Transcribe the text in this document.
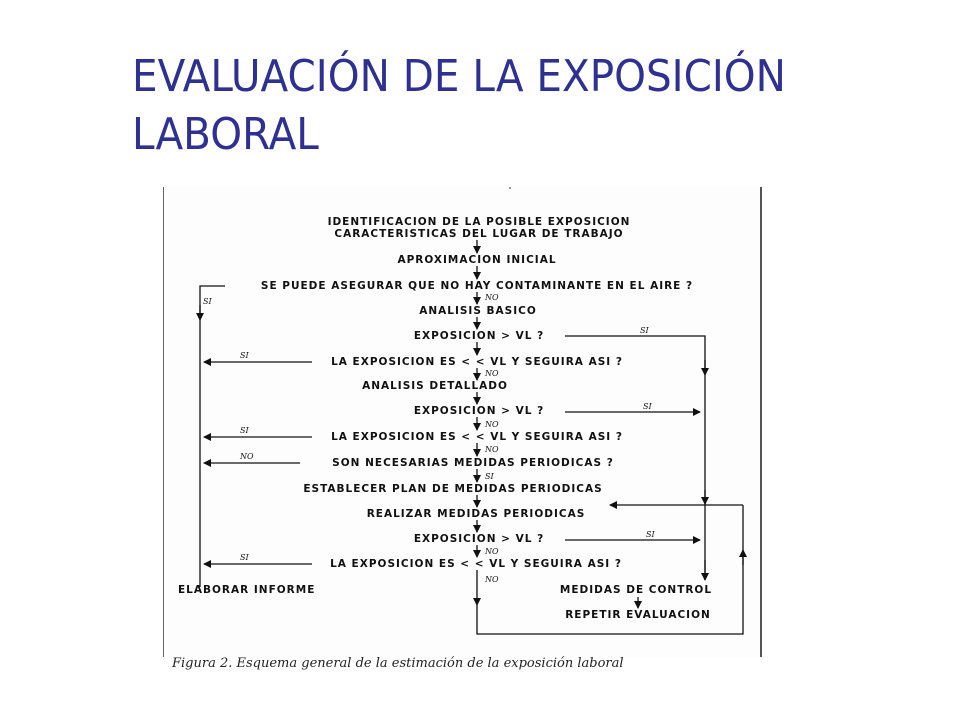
EVALUACIÓN DE LA EXPOSICIÓN
LABORAL
IDENTIFICACION DE LA POSIBLE EXPOSICION
CARACTERISTICAS DEL LUGAR DE TRABAJO
APROXIMACION INICIAL
SE PUEDE ASEGURAR QUE NO HAY CONTAMINANTE EN EL AIRE ?
ANALISIS BASICO
EXPOSICION > VL ?
LA EXPOSICION ES < < VL Y SEGUIRA ASI ?
ANALISIS DETALLADO
EXPOSICION > VL ?
LA EXPOSICION ES < < VL Y SEGUIRA ASI ?
SON NECESARIAS MEDIDAS PERIODICAS ?
ESTABLECER PLAN DE MEDIDAS PERIODICAS
REALIZAR MEDIDAS PERIODICAS
EXPOSICION > VL ?
LA EXPOSICION ES < < VL Y SEGUIRA ASI ?
ELABORAR INFORME	MEDIDAS DE CONTROL
REPETIR EVALUACION
SI	NO
SI
SI
NO
SI
NO
SI
NO
NO
SI
SI
NO
SI
NO
Figura 2. Esquema general de la estimación de la exposición laboral
